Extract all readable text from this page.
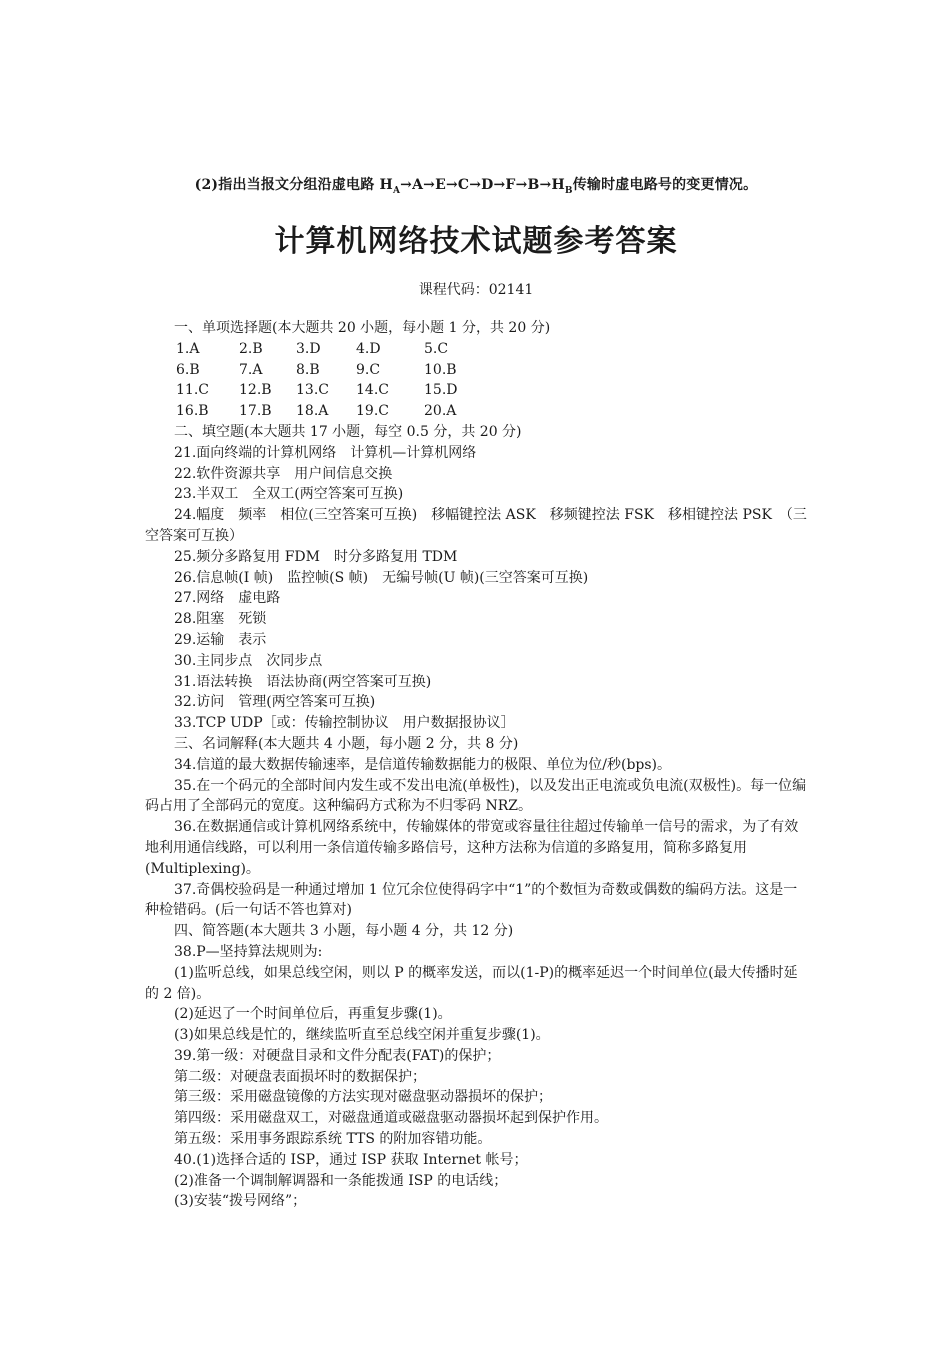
(2)指出当报文分组沿虚电路 $H_A\to A\to E\to C\to D\to F\to B\to H_B$传输时虚电路号的变更情况。
计算机网络技术试题参考答案
课程代码：02141
一、单项选择题(本大题共 20 小题，每小题 1 分，共 20 分)
1.A	2.B	3.D	4.D	5.C
6.B	7.A	8.B	9.C	10.B
11.C	12.B	13.C	14.C	15.D
16.B	17.B	18.A	19.C	20.A
二、填空题(本大题共 17 小题，每空 0.5 分，共 20 分)
21.面向终端的计算机网络　计算机—计算机网络
22.软件资源共享　用户间信息交换
23.半双工　全双工(两空答案可互换)
24.幅度　频率　相位(三空答案可互换)　移幅键控法 ASK　移频键控法 FSK　移相键控法 PSK　（三空答案可互换）
25.频分多路复用 FDM　时分多路复用 TDM
26.信息帧(I 帧)　监控帧(S 帧)　无编号帧(U 帧)(三空答案可互换)
27.网络　虚电路
28.阻塞　死锁
29.运输　表示
30.主同步点　次同步点
31.语法转换　语法协商(两空答案可互换)
32.访问　管理(两空答案可互换)
33.TCP UDP［或：传输控制协议　用户数据报协议］
三、名词解释(本大题共 4 小题，每小题 2 分，共 8 分)
34.信道的最大数据传输速率，是信道传输数据能力的极限、单位为位/秒(bps)。
35.在一个码元的全部时间内发生或不发出电流(单极性)，以及发出正电流或负电流(双极性)。每一位编码占用了全部码元的宽度。这种编码方式称为不归零码 NRZ。
36.在数据通信或计算机网络系统中，传输媒体的带宽或容量往往超过传输单一信号的需求，为了有效地利用通信线路，可以利用一条信道传输多路信号，这种方法称为信道的多路复用，简称多路复用(Multiplexing)。
37.奇偶校验码是一种通过增加 1 位冗余位使得码字中“1”的个数恒为奇数或偶数的编码方法。这是一种检错码。(后一句话不答也算对)
四、简答题(本大题共 3 小题，每小题 4 分，共 12 分)
38.P—坚持算法规则为:
(1)监听总线，如果总线空闲，则以 P 的概率发送，而以(1-P)的概率延迟一个时间单位(最大传播时延的 2 倍)。
(2)延迟了一个时间单位后，再重复步骤(1)。
(3)如果总线是忙的，继续监听直至总线空闲并重复步骤(1)。
39.第一级：对硬盘目录和文件分配表(FAT)的保护；
第二级：对硬盘表面损坏时的数据保护；
第三级：采用磁盘镜像的方法实现对磁盘驱动器损坏的保护；
第四级：采用磁盘双工，对磁盘通道或磁盘驱动器损坏起到保护作用。
第五级：采用事务跟踪系统 TTS 的附加容错功能。
40.(1)选择合适的 ISP，通过 ISP 获取 Internet 帐号；
(2)准备一个调制解调器和一条能拨通 ISP 的电话线；
(3)安装“拨号网络”；
